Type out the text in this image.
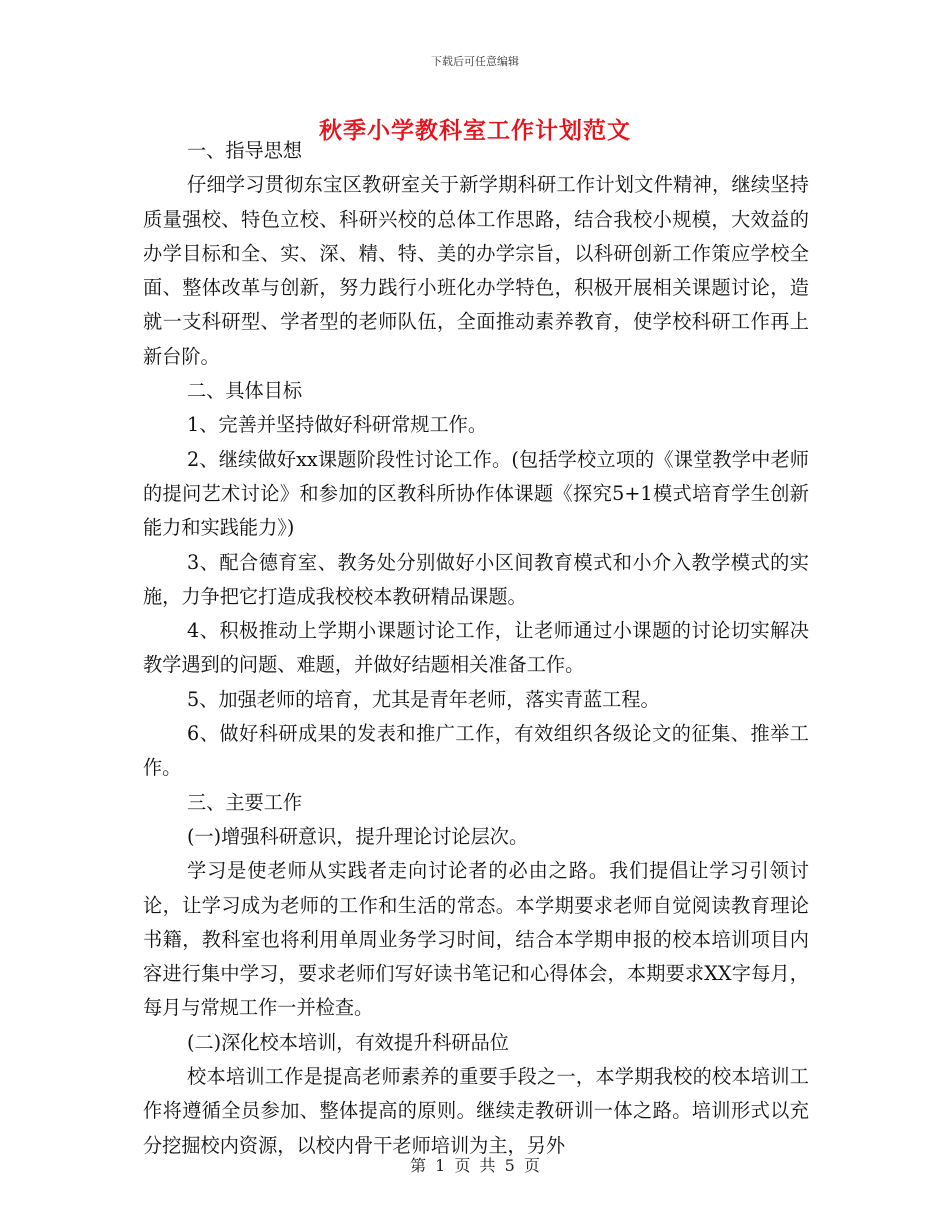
下载后可任意编辑
秋季小学教科室工作计划范文

一、指导思想

仔细学习贯彻东宝区教研室关于新学期科研工作计划文件精神，继续坚持质量强校、特色立校、科研兴校的总体工作思路，结合我校小规模，大效益的办学目标和全、实、深、精、特、美的办学宗旨，以科研创新工作策应学校全面、整体改革与创新，努力践行小班化办学特色，积极开展相关课题讨论，造就一支科研型、学者型的老师队伍，全面推动素养教育，使学校科研工作再上新台阶。

二、具体目标

1、完善并坚持做好科研常规工作。

2、继续做好xx课题阶段性讨论工作。(包括学校立项的《课堂教学中老师的提问艺术讨论》和参加的区教科所协作体课题《探究5+1模式培育学生创新能力和实践能力》)

3、配合德育室、教务处分别做好小区间教育模式和小介入教学模式的实施，力争把它打造成我校校本教研精品课题。

4、积极推动上学期小课题讨论工作，让老师通过小课题的讨论切实解决教学遇到的问题、难题，并做好结题相关准备工作。

5、加强老师的培育，尤其是青年老师，落实青蓝工程。

6、做好科研成果的发表和推广工作，有效组织各级论文的征集、推举工作。

三、主要工作

(一)增强科研意识，提升理论讨论层次。

学习是使老师从实践者走向讨论者的必由之路。我们提倡让学习引领讨论，让学习成为老师的工作和生活的常态。本学期要求老师自觉阅读教育理论书籍，教科室也将利用单周业务学习时间，结合本学期申报的校本培训项目内容进行集中学习，要求老师们写好读书笔记和心得体会，本期要求XX字每月，每月与常规工作一并检查。

(二)深化校本培训，有效提升科研品位

校本培训工作是提高老师素养的重要手段之一，本学期我校的校本培训工作将遵循全员参加、整体提高的原则。继续走教研训一体之路。培训形式以充分挖掘校内资源，以校内骨干老师培训为主，另外

第 1 页 共 5 页
